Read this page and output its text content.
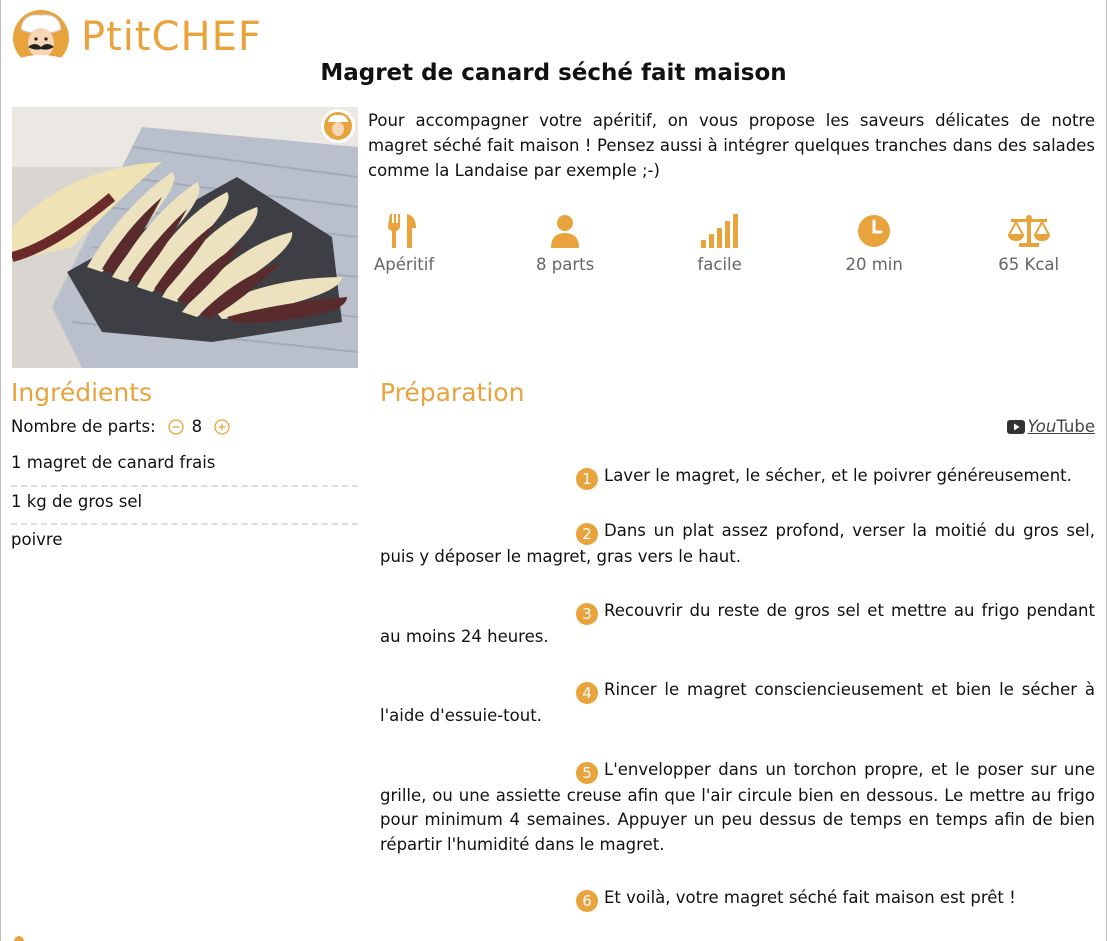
PtitCHEF
Magret de canard séché fait maison

Pour accompagner votre apéritif, on vous propose les saveurs délicates de notre magret séché fait maison ! Pensez aussi à intégrer quelques tranches dans des salades comme la Landaise par exemple ;-)

Apéritif	8 parts	facile	20 min	65 Kcal
Ingrédients
Nombre de parts: 8
1 magret de canard frais
1 kg de gros sel
poivre
Préparation
YouTube

1 Laver le magret, le sécher, et le poivrer généreusement.

2 Dans un plat assez profond, verser la moitié du gros sel, puis y déposer le magret, gras vers le haut.

3 Recouvrir du reste de gros sel et mettre au frigo pendant au moins 24 heures.

4 Rincer le magret consciencieusement et bien le sécher à l'aide d'essuie-tout.

5 L'envelopper dans un torchon propre, et le poser sur une grille, ou une assiette creuse afin que l'air circule bien en dessous. Le mettre au frigo pour minimum 4 semaines. Appuyer un peu dessus de temps en temps afin de bien répartir l'humidité dans le magret.

6 Et voilà, votre magret séché fait maison est prêt !
